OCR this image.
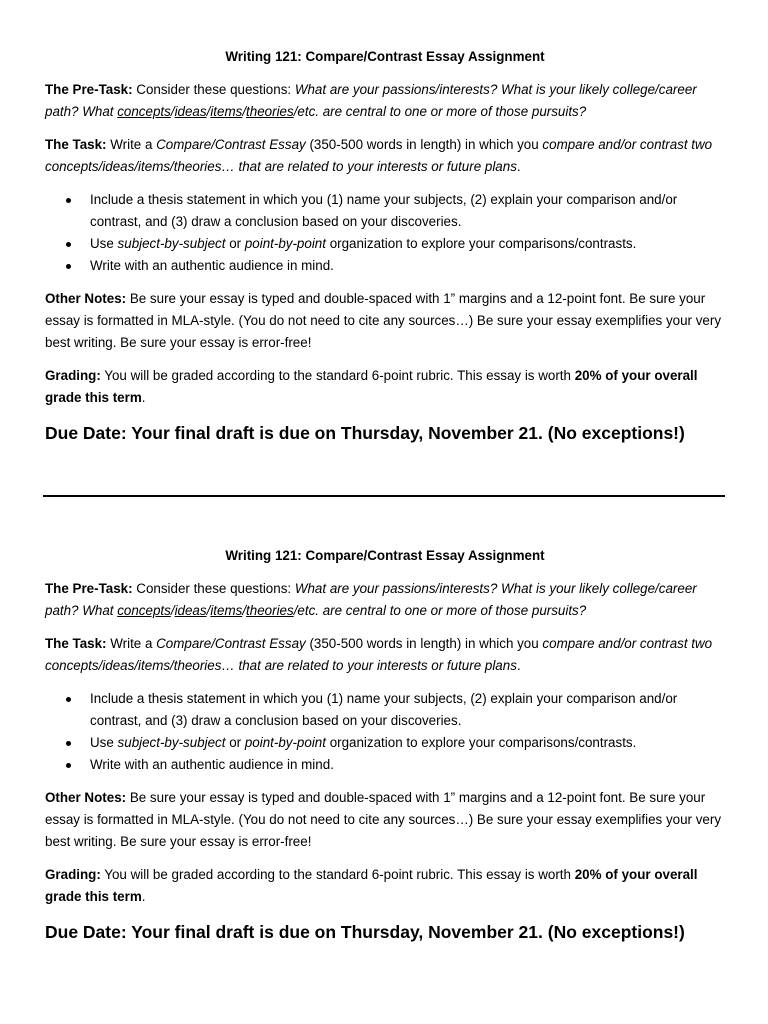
Writing 121: Compare/Contrast Essay Assignment

The Pre-Task: Consider these questions: What are your passions/interests? What is your likely college/career path? What concepts/ideas/items/theories/etc. are central to one or more of those pursuits?

The Task: Write a Compare/Contrast Essay (350-500 words in length) in which you compare and/or contrast two concepts/ideas/items/theories… that are related to your interests or future plans.

Include a thesis statement in which you (1) name your subjects, (2) explain your comparison and/or contrast, and (3) draw a conclusion based on your discoveries.
Use subject-by-subject or point-by-point organization to explore your comparisons/contrasts.
Write with an authentic audience in mind.

Other Notes: Be sure your essay is typed and double-spaced with 1” margins and a 12-point font. Be sure your essay is formatted in MLA-style. (You do not need to cite any sources…) Be sure your essay exemplifies your very best writing. Be sure your essay is error-free!

Grading: You will be graded according to the standard 6-point rubric. This essay is worth 20% of your overall grade this term.

Due Date: Your final draft is due on Thursday, November 21. (No exceptions!)

Writing 121: Compare/Contrast Essay Assignment

The Pre-Task: Consider these questions: What are your passions/interests? What is your likely college/career path? What concepts/ideas/items/theories/etc. are central to one or more of those pursuits?

The Task: Write a Compare/Contrast Essay (350-500 words in length) in which you compare and/or contrast two concepts/ideas/items/theories… that are related to your interests or future plans.

Include a thesis statement in which you (1) name your subjects, (2) explain your comparison and/or contrast, and (3) draw a conclusion based on your discoveries.
Use subject-by-subject or point-by-point organization to explore your comparisons/contrasts.
Write with an authentic audience in mind.

Other Notes: Be sure your essay is typed and double-spaced with 1” margins and a 12-point font. Be sure your essay is formatted in MLA-style. (You do not need to cite any sources…) Be sure your essay exemplifies your very best writing. Be sure your essay is error-free!

Grading: You will be graded according to the standard 6-point rubric. This essay is worth 20% of your overall grade this term.

Due Date: Your final draft is due on Thursday, November 21. (No exceptions!)
